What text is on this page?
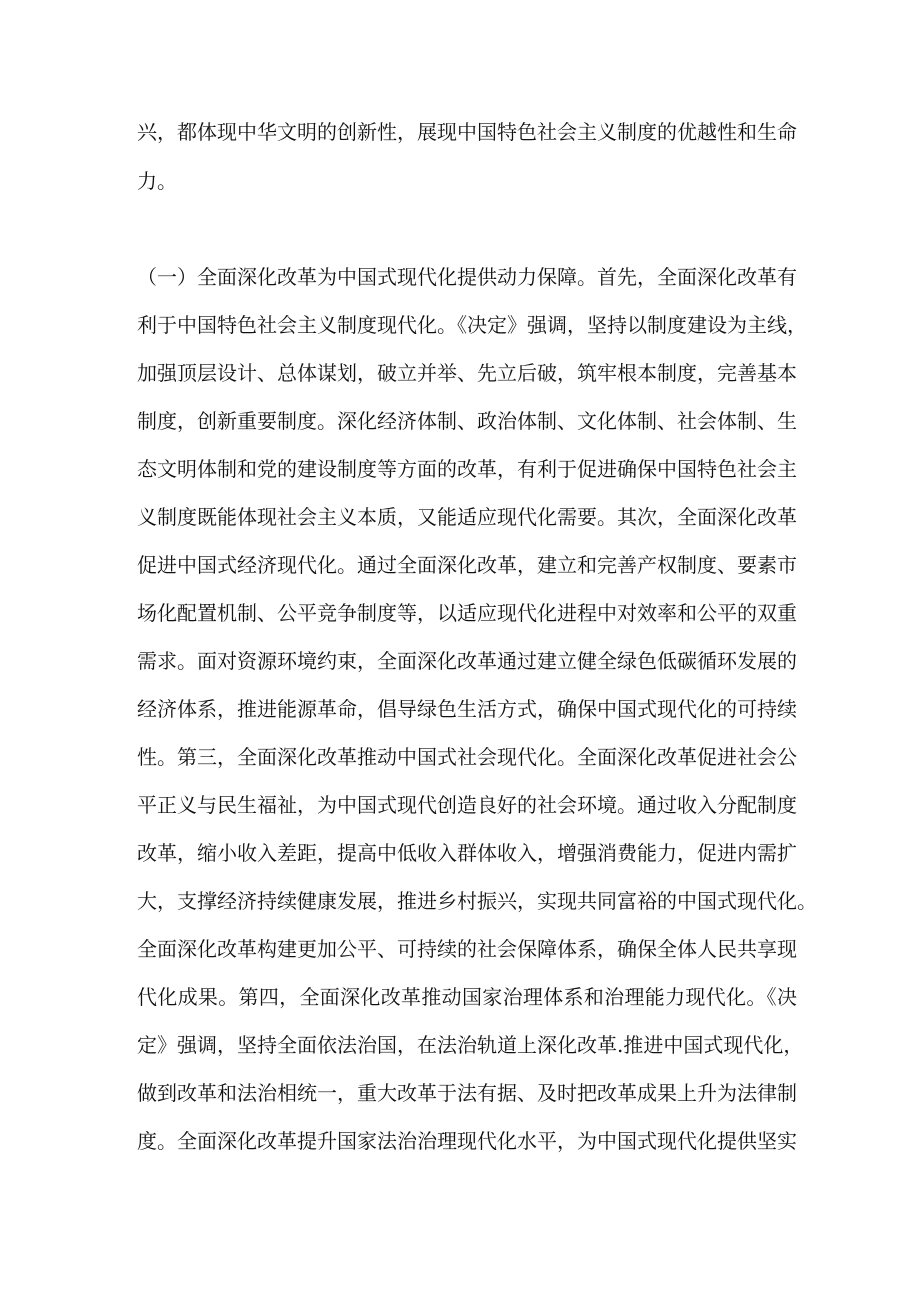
兴，都体现中华文明的创新性，展现中国特色社会主义制度的优越性和生命

力。

（一）全面深化改革为中国式现代化提供动力保障。首先，全面深化改革有

利于中国特色社会主义制度现代化。《决定》强调，坚持以制度建设为主线，

加强顶层设计、总体谋划，破立并举、先立后破，筑牢根本制度，完善基本

制度，创新重要制度。深化经济体制、政治体制、文化体制、社会体制、生

态文明体制和党的建设制度等方面的改革，有利于促进确保中国特色社会主

义制度既能体现社会主义本质，又能适应现代化需要。其次，全面深化改革

促进中国式经济现代化。通过全面深化改革，建立和完善产权制度、要素市

场化配置机制、公平竞争制度等，以适应现代化进程中对效率和公平的双重

需求。面对资源环境约束，全面深化改革通过建立健全绿色低碳循环发展的

经济体系，推进能源革命，倡导绿色生活方式，确保中国式现代化的可持续

性。第三，全面深化改革推动中国式社会现代化。全面深化改革促进社会公

平正义与民生福祉，为中国式现代创造良好的社会环境。通过收入分配制度

改革，缩小收入差距，提高中低收入群体收入，增强消费能力，促进内需扩

大，支撑经济持续健康发展，推进乡村振兴，实现共同富裕的中国式现代化。

全面深化改革构建更加公平、可持续的社会保障体系，确保全体人民共享现

代化成果。第四，全面深化改革推动国家治理体系和治理能力现代化。《决

定》强调，坚持全面依法治国，在法治轨道上深化改革.推进中国式现代化，

做到改革和法治相统一，重大改革于法有据、及时把改革成果上升为法律制

度。全面深化改革提升国家法治治理现代化水平，为中国式现代化提供坚实
